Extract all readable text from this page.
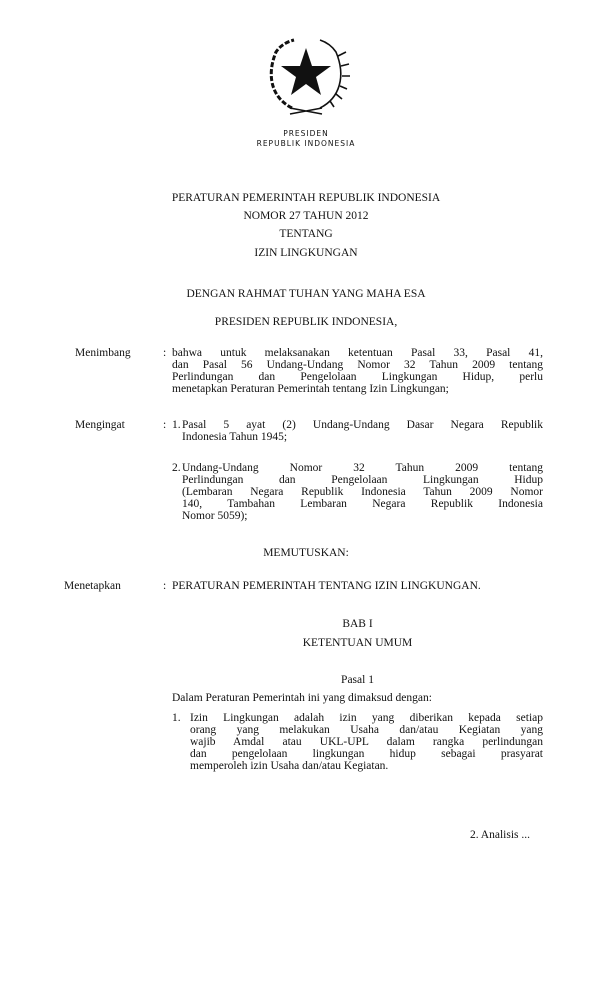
PRESIDEN
REPUBLIK INDONESIA
PERATURAN PEMERINTAH REPUBLIK INDONESIA
NOMOR 27 TAHUN 2012
TENTANG
IZIN LINGKUNGAN
DENGAN RAHMAT TUHAN YANG MAHA ESA
PRESIDEN REPUBLIK INDONESIA,
Menimbang	: bahwa untuk melaksanakan ketentuan Pasal 33, Pasal 41,
dan Pasal 56 Undang-Undang Nomor 32 Tahun 2009 tentang
Perlindungan dan Pengelolaan Lingkungan Hidup, perlu
menetapkan Peraturan Pemerintah tentang Izin Lingkungan;
Mengingat	: 1. Pasal 5 ayat (2) Undang-Undang Dasar Negara Republik
Indonesia Tahun 1945;
2. Undang-Undang Nomor 32 Tahun 2009 tentang
Perlindungan dan Pengelolaan Lingkungan Hidup
(Lembaran Negara Republik Indonesia Tahun 2009 Nomor
140, Tambahan Lembaran Negara Republik Indonesia
Nomor 5059);
MEMUTUSKAN:
Menetapkan	: PERATURAN PEMERINTAH TENTANG IZIN LINGKUNGAN.
BAB I
KETENTUAN UMUM
Pasal 1
Dalam Peraturan Pemerintah ini yang dimaksud dengan:
1. Izin Lingkungan adalah izin yang diberikan kepada setiap
orang yang melakukan Usaha dan/atau Kegiatan yang
wajib Amdal atau UKL-UPL dalam rangka perlindungan
dan pengelolaan lingkungan hidup sebagai prasyarat
memperoleh izin Usaha dan/atau Kegiatan.
2. Analisis ...
